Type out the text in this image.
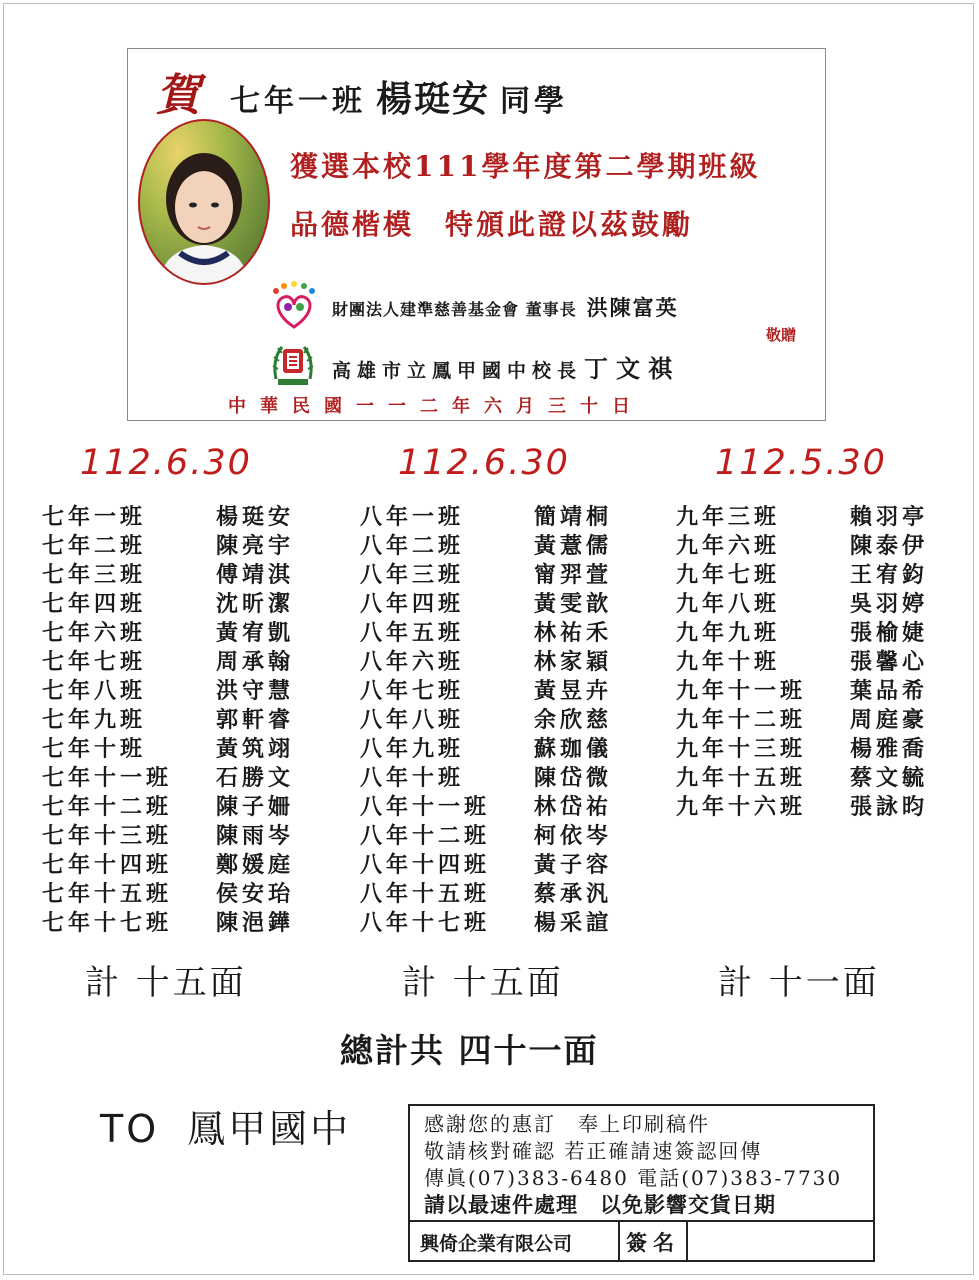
賀 七年一班 楊珽安 同學
獲選本校111學年度第二學期班級
品德楷模　特頒此證以茲鼓勵
財團法人建準慈善基金會 董事長 洪陳富英
敬贈
高雄市立鳳甲國中校長丁文祺
中華民國一一二年六月三十日
112.6.30	112.6.30	112.5.30
七年一班	楊珽安
七年二班	陳亮宇
七年三班	傅靖淇
七年四班	沈昕潔
七年六班	黃宥凱
七年七班	周承翰
七年八班	洪守慧
七年九班	郭軒睿
七年十班	黃筑翊
七年十一班 石勝文
七年十二班 陳子姍
七年十三班 陳雨岑
七年十四班 鄭媛庭
七年十五班 侯安珆
七年十七班 陳浥鏵
八年一班	簡靖桐
八年二班	黃薏儒
八年三班	甯羿萱
八年四班	黃雯歆
八年五班	林祐禾
八年六班	林家穎
八年七班	黃昱卉
八年八班	余欣慈
八年九班	蘇珈儀
八年十班	陳岱微
八年十一班 林岱祐
八年十二班 柯依岑
八年十四班 黃子容
八年十五班 蔡承汎
八年十七班 楊采諠
九年三班	賴羽亭
九年六班	陳泰伊
九年七班	王宥鈞
九年八班	吳羽婷
九年九班	張榆婕
九年十班	張馨心
九年十一班 葉品希
九年十二班 周庭豪
九年十三班 楊雅喬
九年十五班 蔡文毓
九年十六班 張詠昀
計 十五面	計 十五面	計 十一面
總計共 四十一面
TO 鳳甲國中	感謝您的惠訂　奉上印刷稿件
敬請核對確認 若正確請速簽認回傳
傳眞(07)383-6480 電話(07)383-7730
請以最速件處理　以免影響交貨日期
興倚企業有限公司	簽名
